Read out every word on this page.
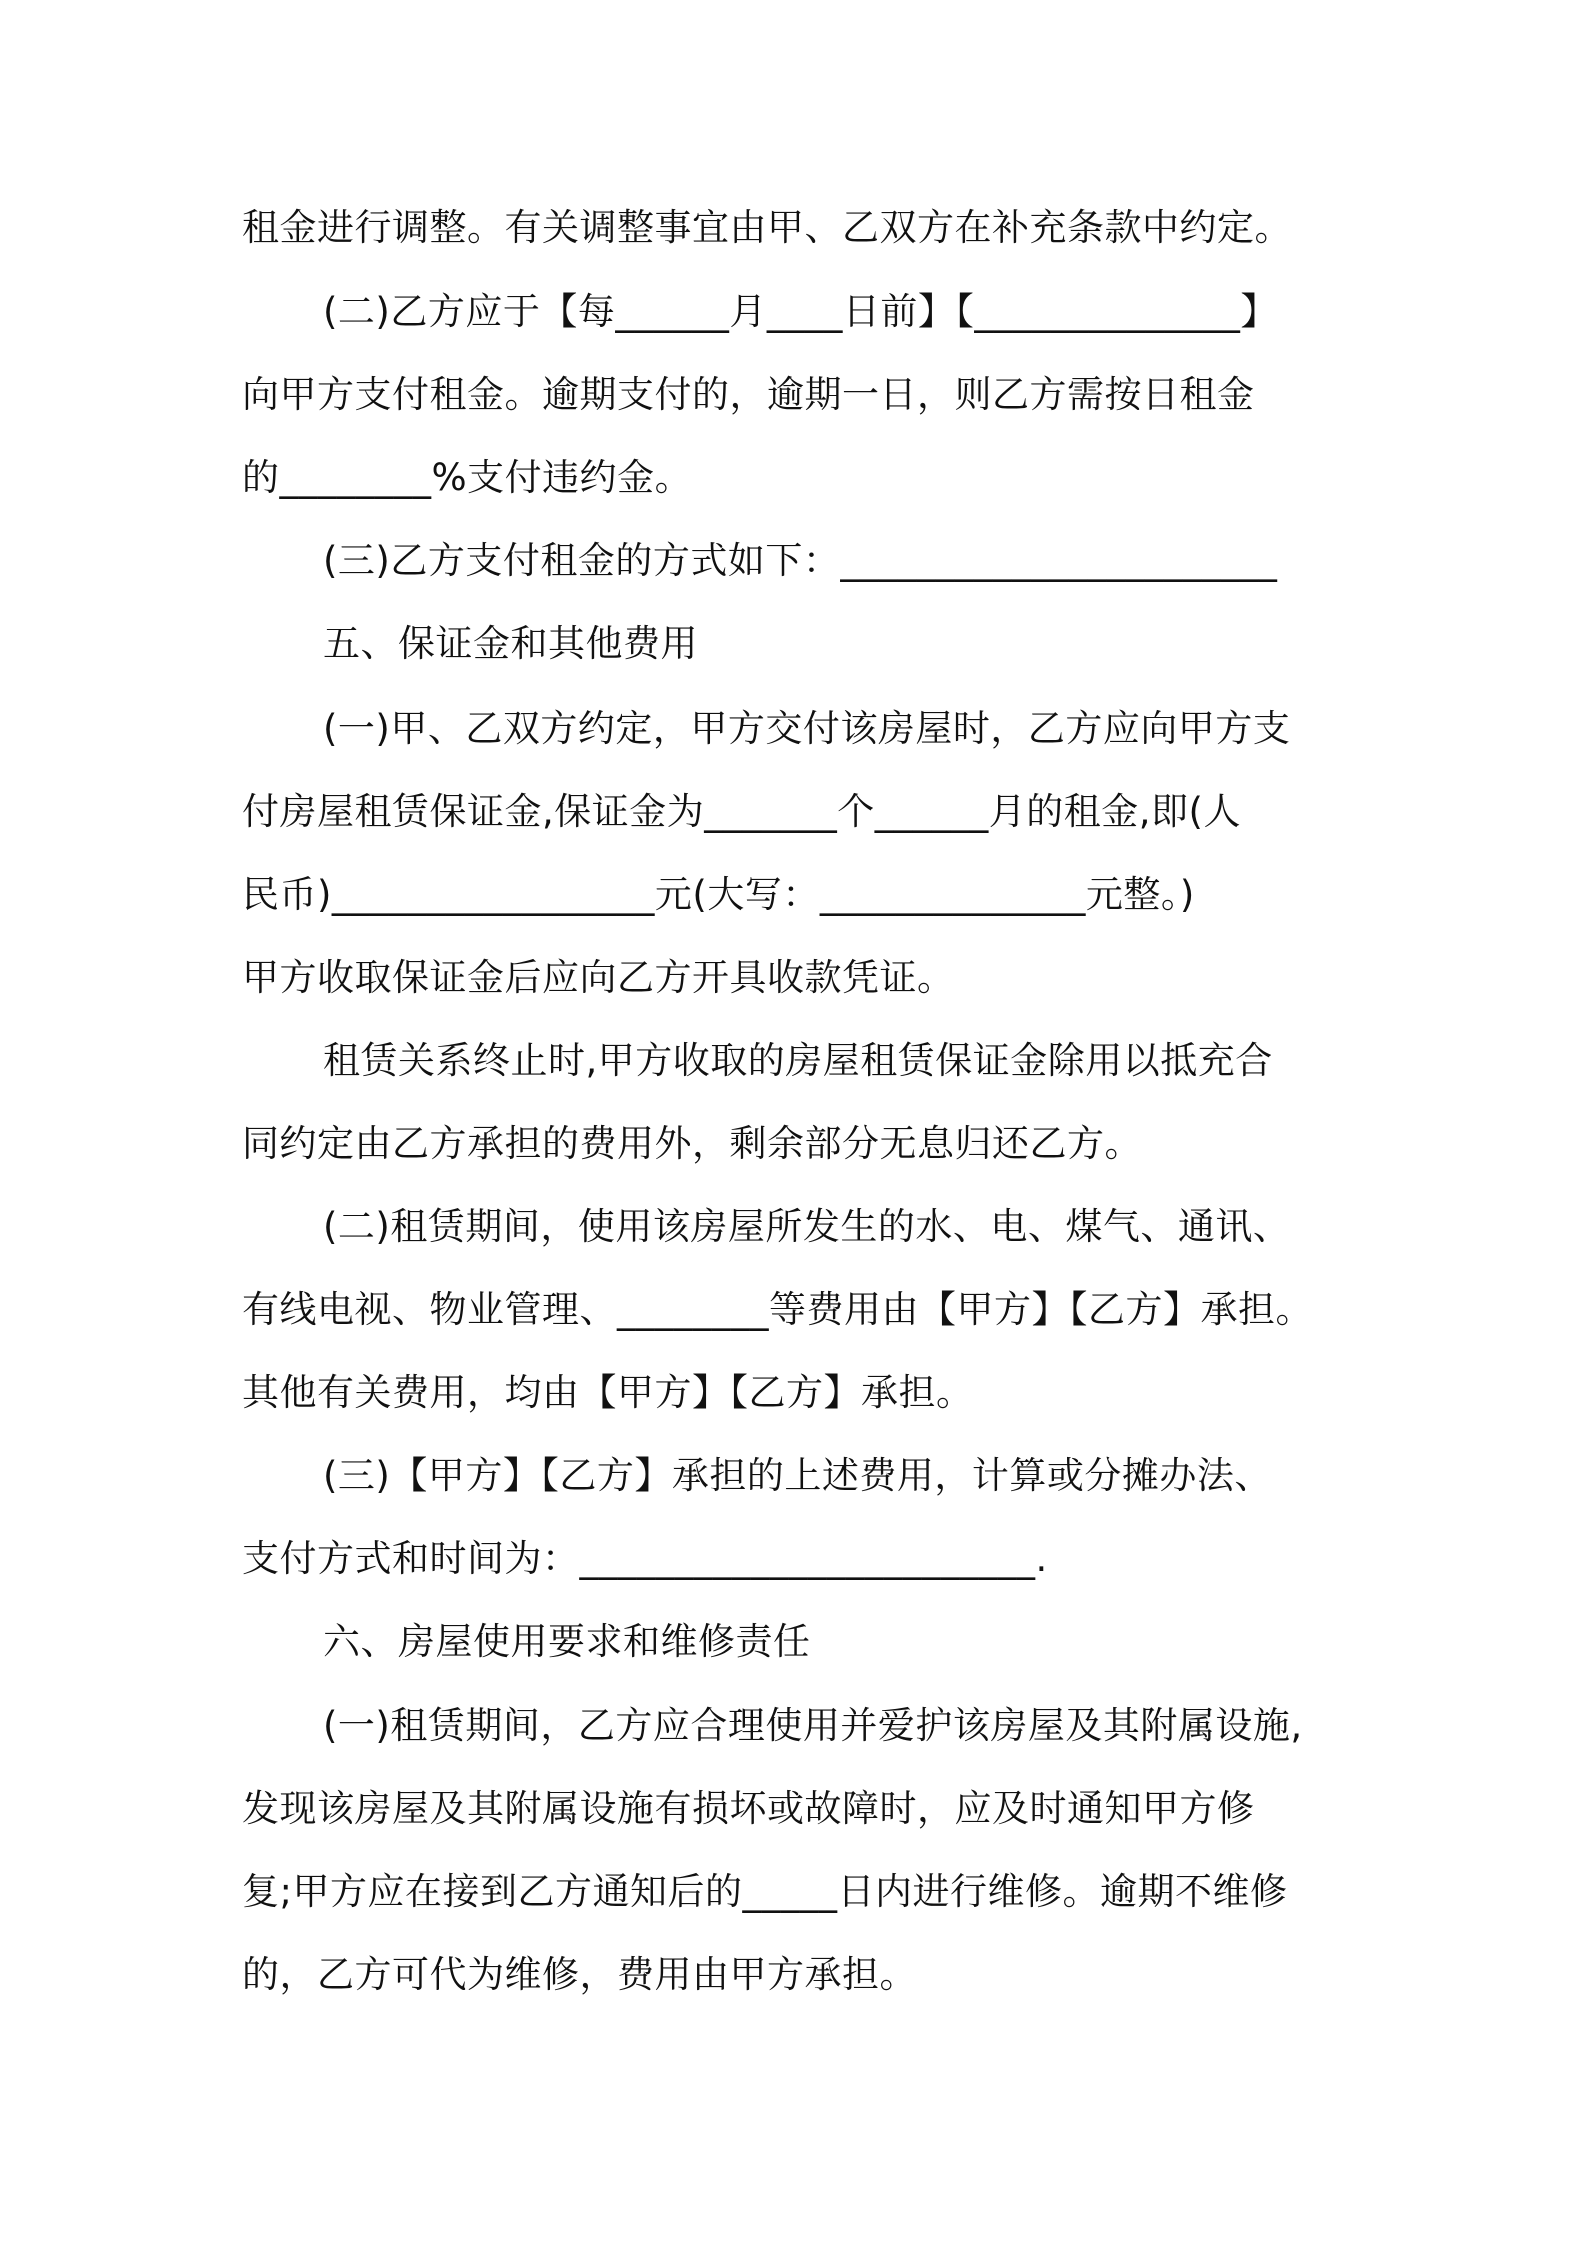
租金进行调整。有关调整事宜由甲、乙双方在补充条款中约定。
(二)乙方应于【每______月____日前】【______________】
向甲方支付租金。逾期支付的，逾期一日，则乙方需按日租金
的________%支付违约金。
(三)乙方支付租金的方式如下：_______________________
五、保证金和其他费用
(一)甲、乙双方约定，甲方交付该房屋时，乙方应向甲方支
付房屋租赁保证金,保证金为_______个______月的租金,即(人
民币)_________________元(大写：______________元整。)
甲方收取保证金后应向乙方开具收款凭证。
租赁关系终止时,甲方收取的房屋租赁保证金除用以抵充合
同约定由乙方承担的费用外，剩余部分无息归还乙方。
(二)租赁期间，使用该房屋所发生的水、电、煤气、通讯、
有线电视、物业管理、________等费用由【甲方】【乙方】承担。
其他有关费用，均由【甲方】【乙方】承担。
(三)【甲方】【乙方】承担的上述费用，计算或分摊办法、
支付方式和时间为：________________________.
六、房屋使用要求和维修责任
(一)租赁期间，乙方应合理使用并爱护该房屋及其附属设施,
发现该房屋及其附属设施有损坏或故障时，应及时通知甲方修
复;甲方应在接到乙方通知后的_____日内进行维修。逾期不维修
的，乙方可代为维修，费用由甲方承担。
